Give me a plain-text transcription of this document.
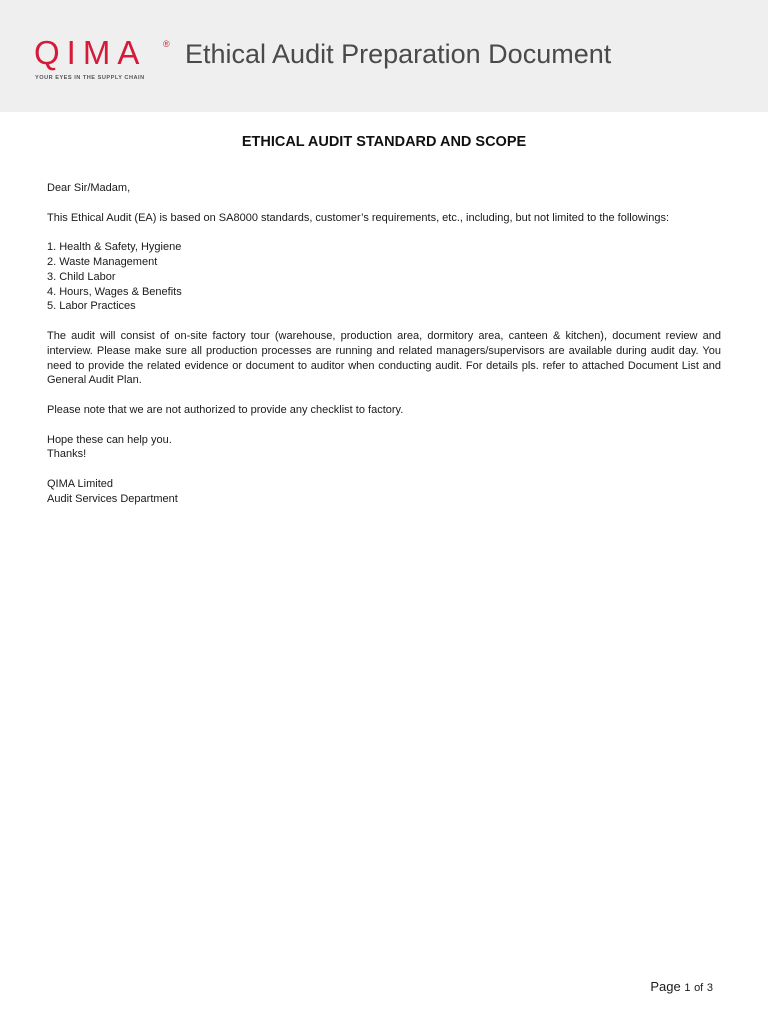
QIMA ®
YOUR EYES IN THE SUPPLY CHAIN
Ethical Audit Preparation Document
ETHICAL AUDIT STANDARD AND SCOPE
Dear Sir/Madam,
This Ethical Audit (EA) is based on SA8000 standards, customer’s requirements, etc., including, but not limited to the followings:
1. Health & Safety, Hygiene
2. Waste Management
3. Child Labor
4. Hours, Wages & Benefits
5. Labor Practices
The audit will consist of on-site factory tour (warehouse, production area, dormitory area, canteen & kitchen), document review and interview. Please make sure all production processes are running and related managers/supervisors are available during audit day. You need to provide the related evidence or document to auditor when conducting audit. For details pls. refer to attached Document List and General Audit Plan.
Please note that we are not authorized to provide any checklist to factory.
Hope these can help you.
Thanks!
QIMA Limited
Audit Services Department
Page 1 of 3
